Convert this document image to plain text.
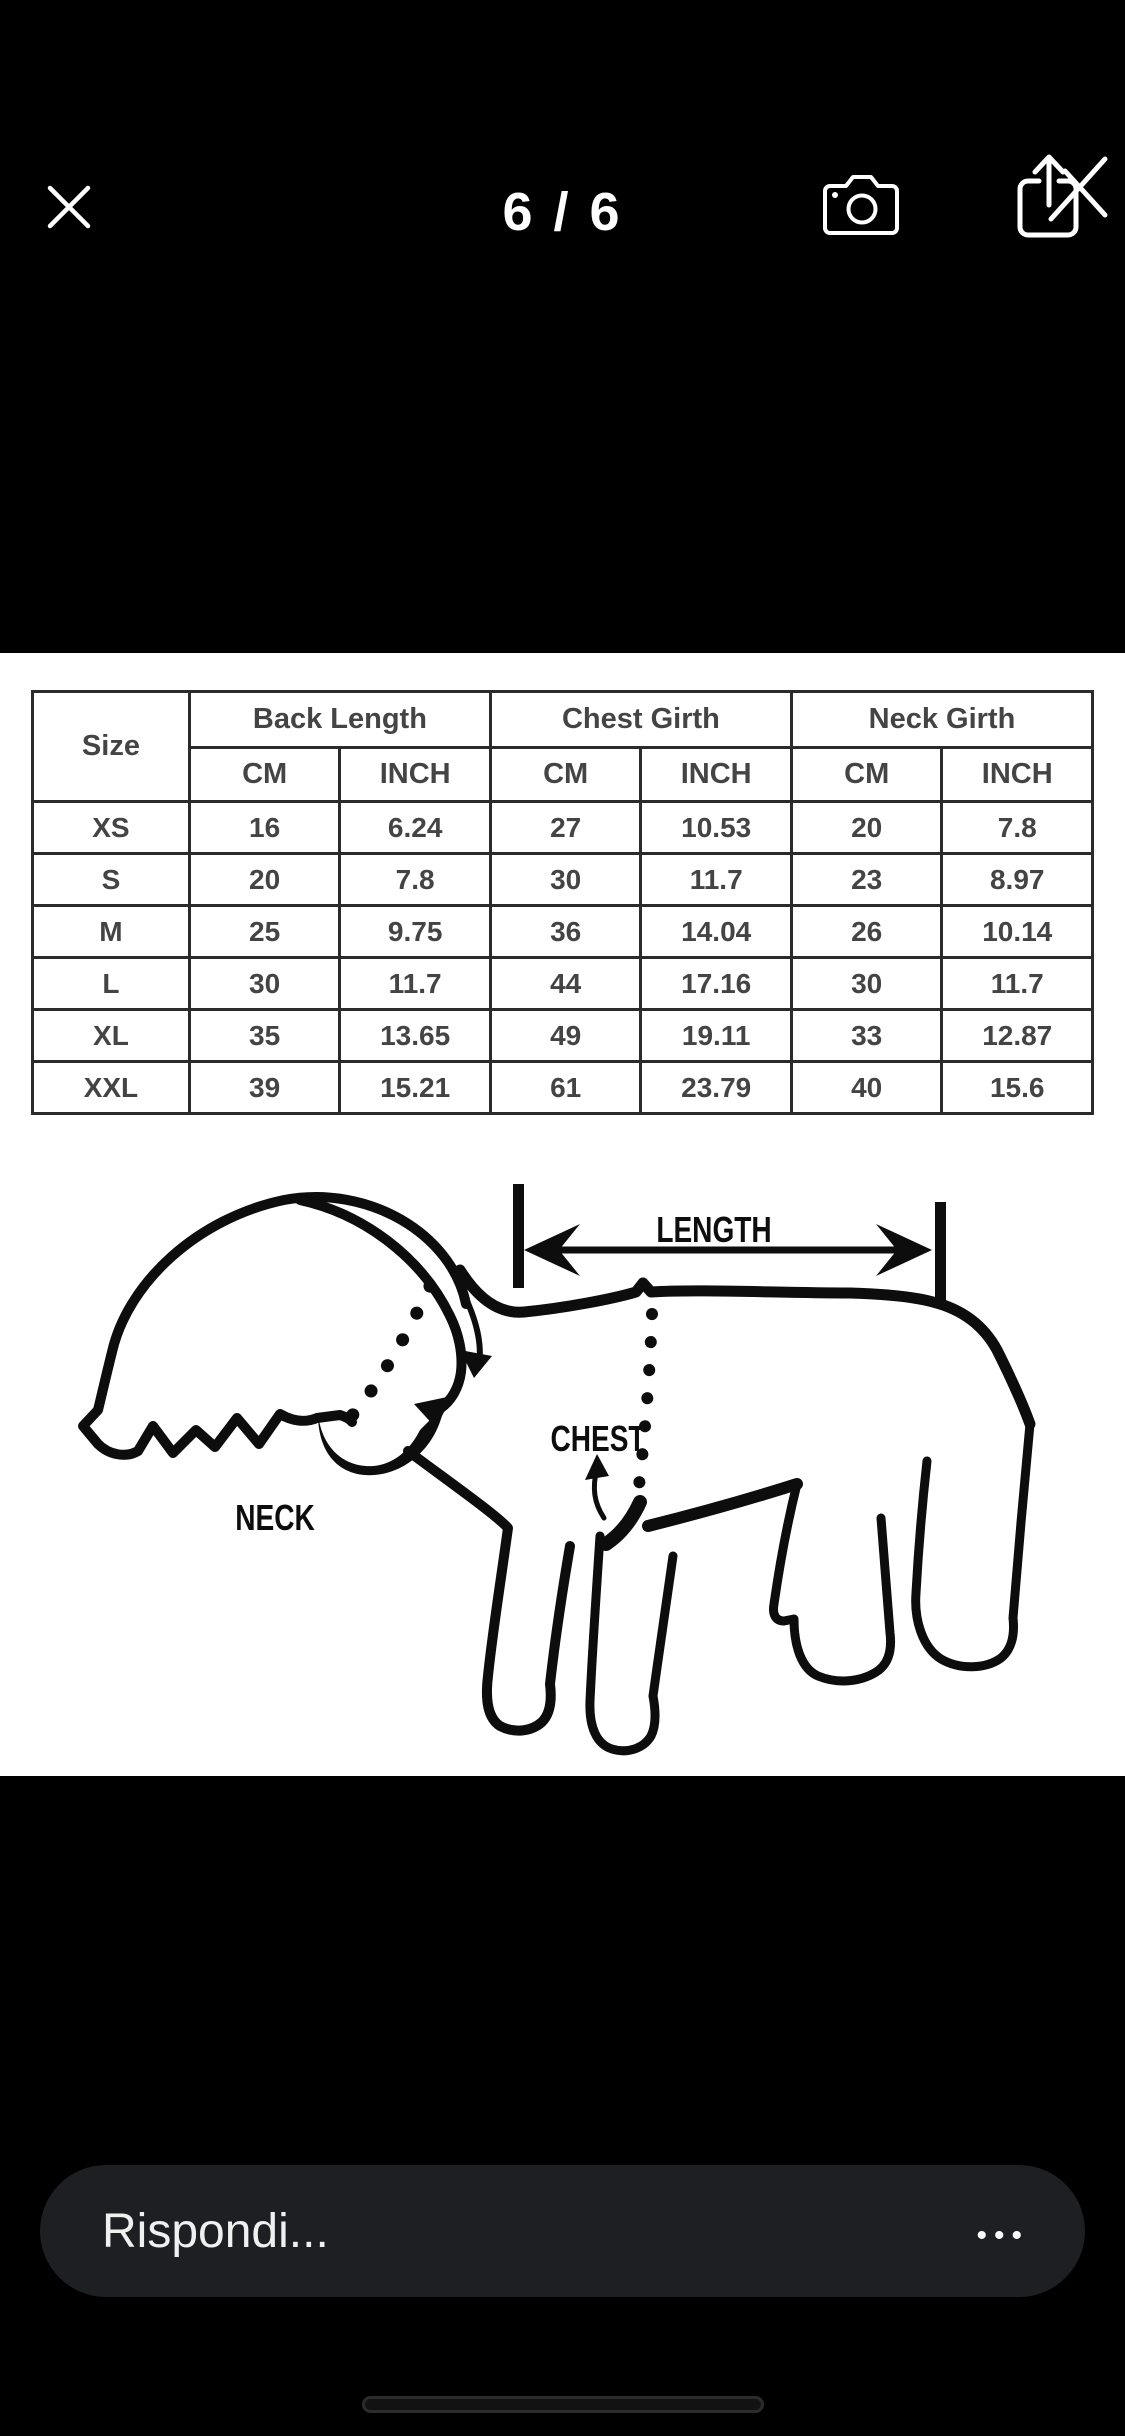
6 / 6
Size	Back Length		Chest Girth		Neck Girth	
	CM	INCH	CM	INCH	CM	INCH
XS	16	6.24	27	10.53	20	7.8
S	20	7.8	30	11.7	23	8.97
M	25	9.75	36	14.04	26	10.14
L	30	11.7	44	17.16	30	11.7
XL	35	13.65	49	19.11	33	12.87
XXL	39	15.21	61	23.79	40	15.6
LENGTH
CHEST
NECK
Rispondi...	•••
